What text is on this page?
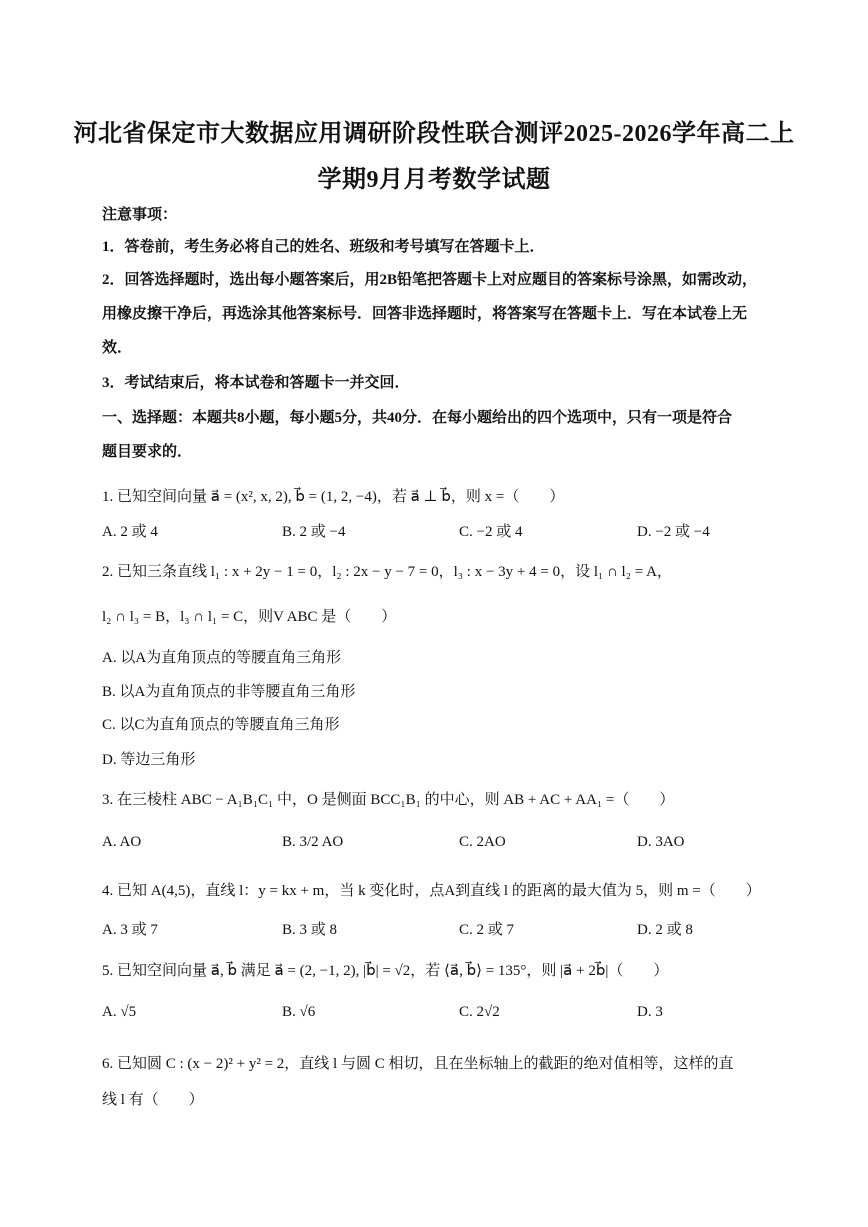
河北省保定市大数据应用调研阶段性联合测评2025-2026学年高二上
学期9月月考数学试题
注意事项：
1．答卷前，考生务必将自己的姓名、班级和考号填写在答题卡上．
2．回答选择题时，选出每小题答案后，用2B铅笔把答题卡上对应题目的答案标号涂黑，如需改动，
用橡皮擦干净后，再选涂其他答案标号．回答非选择题时，将答案写在答题卡上．写在本试卷上无
效．
3．考试结束后，将本试卷和答题卡一并交回．
一、选择题：本题共8小题，每小题5分，共40分．在每小题给出的四个选项中，只有一项是符合
题目要求的．
1. 已知空间向量 a⃗ = (x², x, 2), b⃗ = (1, 2, −4)，若 a⃗ ⊥ b⃗，则 x =（　　）
A. 2 或 4	B. 2 或 −4	C. −2 或 4	D. −2 或 −4
2. 已知三条直线 l₁ : x + 2y − 1 = 0，l₂ : 2x − y − 7 = 0，l₃ : x − 3y + 4 = 0，设 l₁ ∩ l₂ = A，
l₂ ∩ l₃ = B，l₃ ∩ l₁ = C，则V ABC 是（　　）
A. 以A为直角顶点的等腰直角三角形
B. 以A为直角顶点的非等腰直角三角形
C. 以C为直角顶点的等腰直角三角形
D. 等边三角形
3. 在三棱柱 ABC − A₁B₁C₁ 中，O 是侧面 BCC₁B₁ 的中心，则 AB + AC + AA₁ =（　　）
A. AO	B. 3/2 AO	C. 2AO	D. 3AO
4. 已知 A(4,5)，直线 l：y = kx + m，当 k 变化时，点A到直线 l 的距离的最大值为 5，则 m =（　　）
A. 3 或 7	B. 3 或 8	C. 2 或 7	D. 2 或 8
5. 已知空间向量 a⃗, b⃗ 满足 a⃗ = (2, −1, 2), |b⃗| = √2，若 ⟨a⃗, b⃗⟩ = 135°，则 |a⃗ + 2b⃗|（　　）
A. √5	B. √6	C. 2√2	D. 3
6. 已知圆 C : (x − 2)² + y² = 2，直线 l 与圆 C 相切，且在坐标轴上的截距的绝对值相等，这样的直
线 l 有（　　）
